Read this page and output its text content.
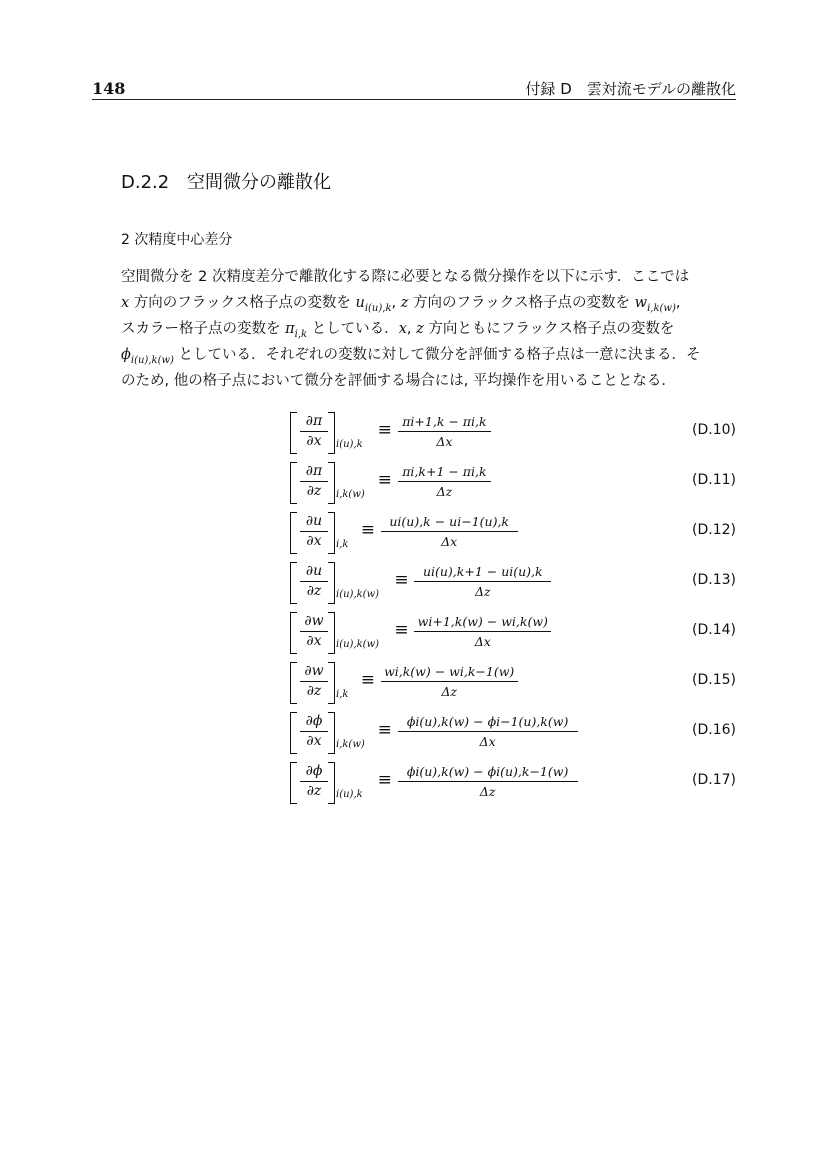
148	付録 D　雲対流モデルの離散化
D.2.2 空間微分の離散化
2 次精度中心差分
空間微分を 2 次精度差分で離散化する際に必要となる微分操作を以下に示す．ここでは
x 方向のフラックス格子点の変数を $u_{i(u),k}$, z 方向のフラックス格子点の変数を $w_{i,k(w)}$,
スカラー格子点の変数を $\pi_{i,k}$ としている．x, z 方向ともにフラックス格子点の変数を
$\phi_{i(u),k(w)}$ としている．それぞれの変数に対して微分を評価する格子点は一意に決まる．そ
のため, 他の格子点において微分を評価する場合には, 平均操作を用いることとなる．
∂π
∂x	i(u),k
≡ πi+1,k − πi,k
Δx
(D.10)
∂π
∂z	i,k(w)
≡ πi,k+1 − πi,k
Δz
(D.11)
∂u
∂x	i,k
≡	ui(u),k − ui−1(u),k
Δx
(D.12)
∂u
∂z	i(u),k(w)
≡	ui(u),k+1 − ui(u),k
Δz
(D.13)
∂w
∂x	i(u),k(w)
≡ wi+1,k(w) − wi,k(w)
Δx
(D.14)
∂w
∂z	i,k
≡ wi,k(w) − wi,k−1(w)
Δz
(D.15)
∂ϕ
∂x	i,k(w)
≡	ϕi(u),k(w) − ϕi−1(u),k(w)
Δx
(D.16)
∂ϕ
∂z	i(u),k
≡	ϕi(u),k(w) − ϕi(u),k−1(w)
Δz
(D.17)
